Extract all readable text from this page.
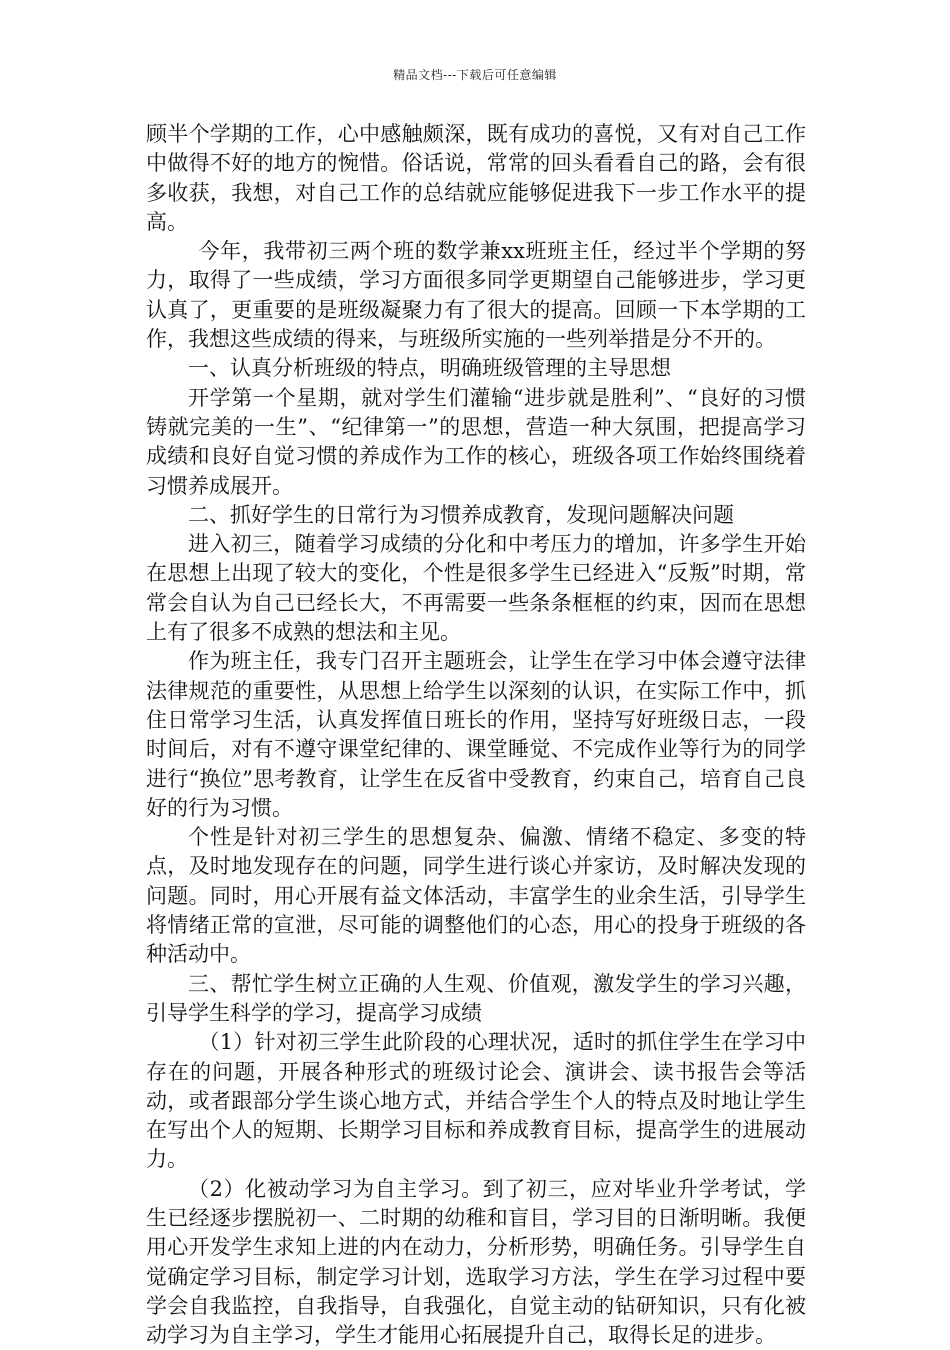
精品文档---下载后可任意编辑

顾半个学期的工作，心中感触颇深，既有成功的喜悦，又有对自己工作中做得不好的地方的惋惜。俗话说，常常的回头看看自己的路，会有很多收获，我想，对自己工作的总结就应能够促进我下一步工作水平的提高。

今年，我带初三两个班的数学兼xx班班主任，经过半个学期的努力，取得了一些成绩，学习方面很多同学更期望自己能够进步，学习更认真了，更重要的是班级凝聚力有了很大的提高。回顾一下本学期的工作，我想这些成绩的得来，与班级所实施的一些列举措是分不开的。

一、认真分析班级的特点，明确班级管理的主导思想

开学第一个星期，就对学生们灌输“进步就是胜利”、“良好的习惯铸就完美的一生”、“纪律第一”的思想，营造一种大氛围，把提高学习成绩和良好自觉习惯的养成作为工作的核心，班级各项工作始终围绕着习惯养成展开。

二、抓好学生的日常行为习惯养成教育，发现问题解决问题

进入初三，随着学习成绩的分化和中考压力的增加，许多学生开始在思想上出现了较大的变化，个性是很多学生已经进入“反叛”时期，常常会自认为自己已经长大，不再需要一些条条框框的约束，因而在思想上有了很多不成熟的想法和主见。

作为班主任，我专门召开主题班会，让学生在学习中体会遵守法律法律规范的重要性，从思想上给学生以深刻的认识，在实际工作中，抓住日常学习生活，认真发挥值日班长的作用，坚持写好班级日志，一段时间后，对有不遵守课堂纪律的、课堂睡觉、不完成作业等行为的同学进行“换位”思考教育，让学生在反省中受教育，约束自己，培育自己良好的行为习惯。

个性是针对初三学生的思想复杂、偏激、情绪不稳定、多变的特点，及时地发现存在的问题，同学生进行谈心并家访，及时解决发现的问题。同时，用心开展有益文体活动，丰富学生的业余生活，引导学生将情绪正常的宣泄，尽可能的调整他们的心态，用心的投身于班级的各种活动中。

三、帮忙学生树立正确的人生观、价值观，激发学生的学习兴趣，引导学生科学的学习，提高学习成绩

（1）针对初三学生此阶段的心理状况，适时的抓住学生在学习中存在的问题，开展各种形式的班级讨论会、演讲会、读书报告会等活动，或者跟部分学生谈心地方式，并结合学生个人的特点及时地让学生在写出个人的短期、长期学习目标和养成教育目标，提高学生的进展动力。

（2）化被动学习为自主学习。到了初三，应对毕业升学考试，学生已经逐步摆脱初一、二时期的幼稚和盲目，学习目的日渐明晰。我便用心开发学生求知上进的内在动力，分析形势，明确任务。引导学生自觉确定学习目标，制定学习计划，选取学习方法，学生在学习过程中要学会自我监控，自我指导，自我强化，自觉主动的钻研知识，只有化被动学习为自主学习，学生才能用心拓展提升自己，取得长足的进步。
